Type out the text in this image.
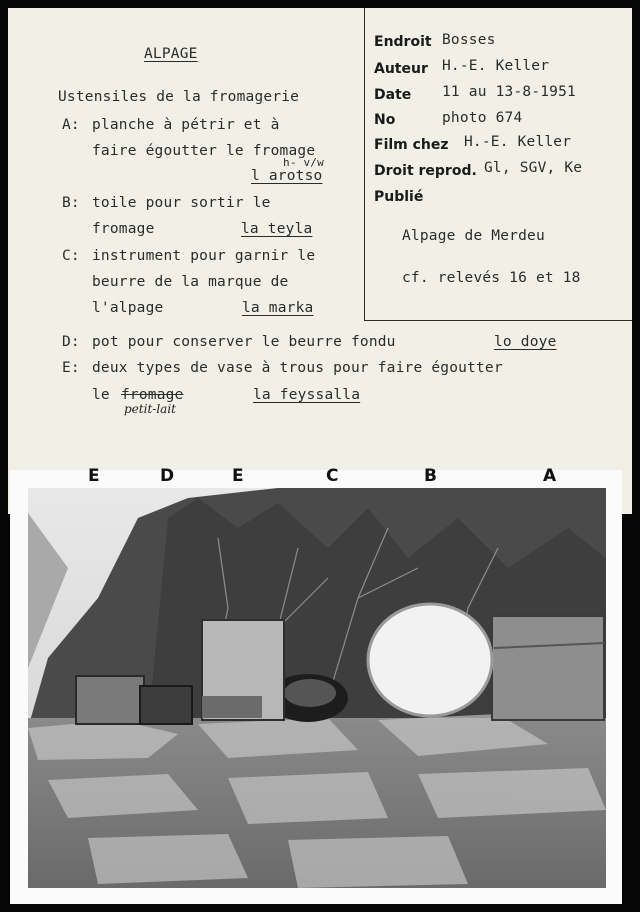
ALPAGE
Ustensiles de la fromagerie
A: planche à pétrir et à
faire égoutter le fromage
h- v/w
l arotso
B: toile pour sortir le
fromage	la teyla
C: instrument pour garnir le
beurre de la marque de
l'alpage	la marka
D: pot pour conserver le beurre fondu	lo doye
E: deux types de vase à trous pour faire égoutter
le fromage
petit-lait
la feyssalla
Endroit Bosses
Auteur H.-E. Keller
Date 11 au 13-8-1951
No	photo 674
Film chez H.-E. Keller
Droit reprod. Gl, SGV, Ke
Publié
Alpage de Merdeu
cf. relevés 16 et 18
E	D	E	C	B	A
